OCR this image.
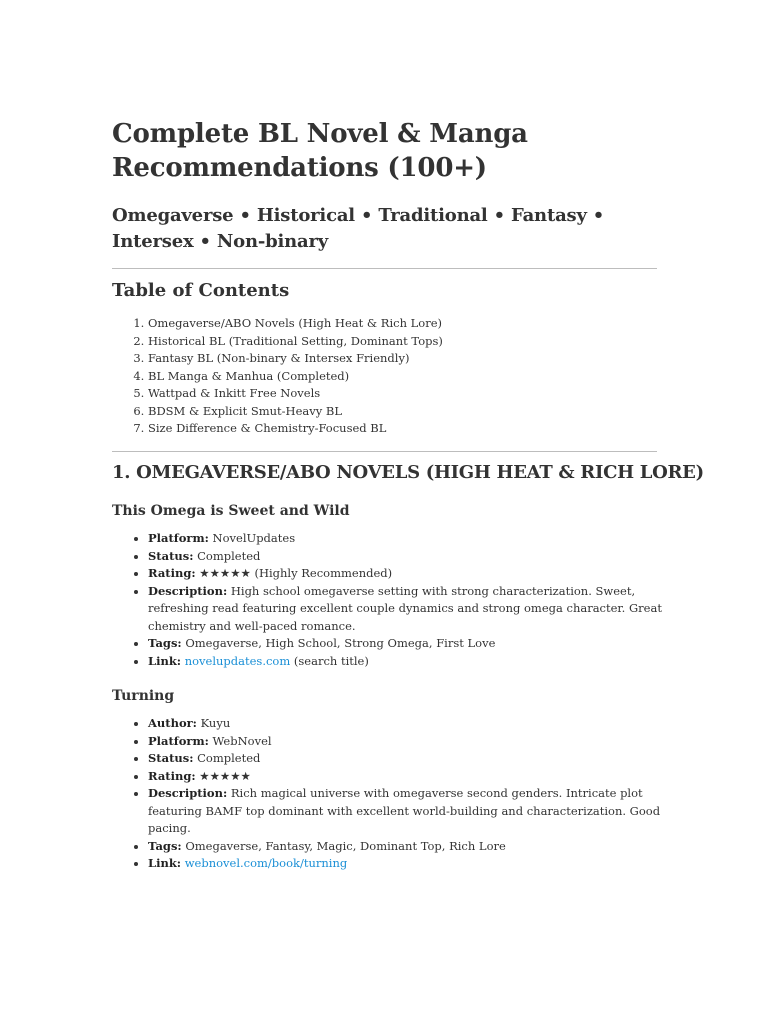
Complete BL Novel & Manga Recommendations (100+)
Omegaverse • Historical • Traditional • Fantasy • Intersex • Non-binary
Table of Contents
1. Omegaverse/ABO Novels (High Heat & Rich Lore)
2. Historical BL (Traditional Setting, Dominant Tops)
3. Fantasy BL (Non-binary & Intersex Friendly)
4. BL Manga & Manhua (Completed)
5. Wattpad & Inkitt Free Novels
6. BDSM & Explicit Smut-Heavy BL
7. Size Difference & Chemistry-Focused BL
1. OMEGAVERSE/ABO NOVELS (HIGH HEAT & RICH LORE)
This Omega is Sweet and Wild
• Platform: NovelUpdates
• Status: Completed
• Rating: ★★★★★ (Highly Recommended)
• Description: High school omegaverse setting with strong characterization. Sweet, refreshing read featuring excellent couple dynamics and strong omega character. Great chemistry and well-paced romance.
• Tags: Omegaverse, High School, Strong Omega, First Love
• Link: novelupdates.com (search title)
Turning
• Author: Kuyu
• Platform: WebNovel
• Status: Completed
• Rating: ★★★★★
• Description: Rich magical universe with omegaverse second genders. Intricate plot featuring BAMF top dominant with excellent world-building and characterization. Good pacing.
• Tags: Omegaverse, Fantasy, Magic, Dominant Top, Rich Lore
• Link: webnovel.com/book/turning
